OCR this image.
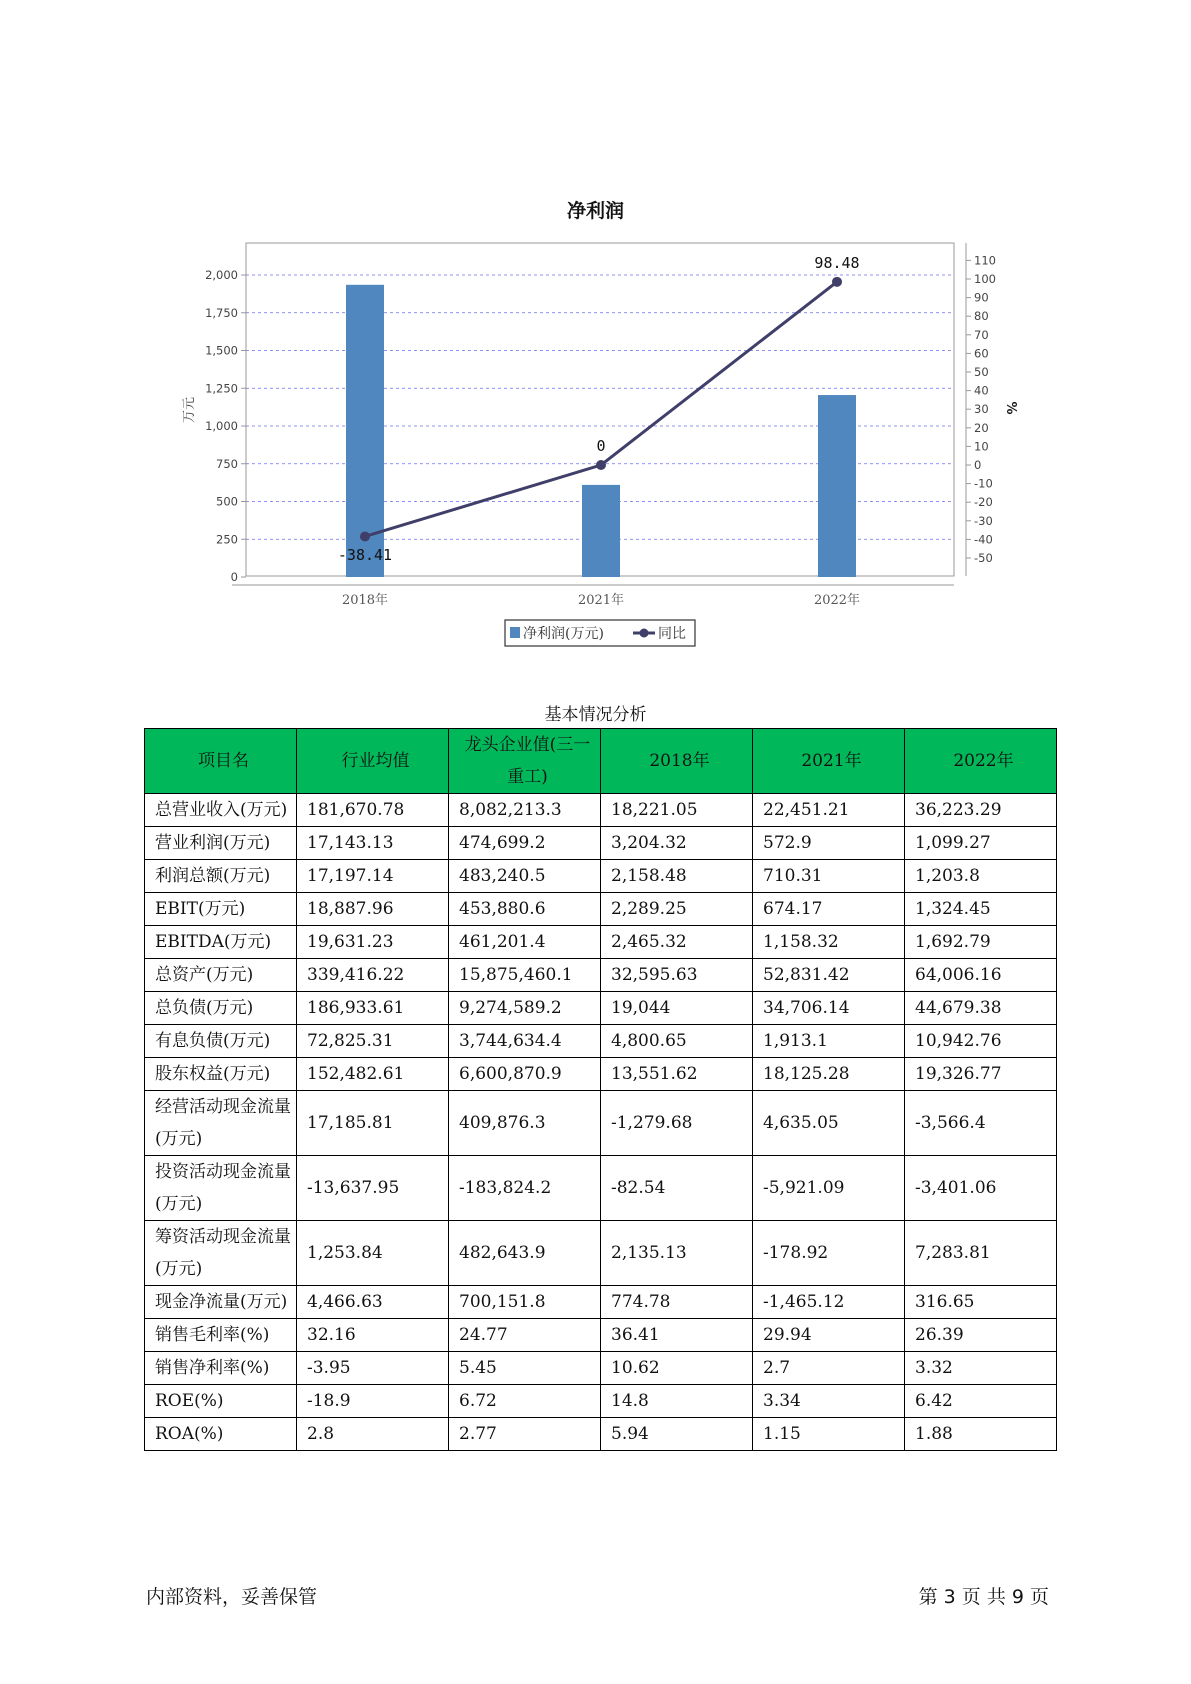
净利润
0
250
500
750
1,000
1,250
1,500
1,750
2,000
-50
-40
-30
-20
-10
0
10
20
30
40
50
60
70
80
90
100
110
万元	%
2018年	2021年	2022年
-38.41
0
98.48
净利润(万元)	同比
基本情况分析
项目名	行业均值	龙头企业值(三一重工)	2018年	2021年	2022年
总营业收入(万元)	181,670.78	8,082,213.3	18,221.05	22,451.21	36,223.29
营业利润(万元)	17,143.13	474,699.2	3,204.32	572.9	1,099.27
利润总额(万元)	17,197.14	483,240.5	2,158.48	710.31	1,203.8
EBIT(万元)	18,887.96	453,880.6	2,289.25	674.17	1,324.45
EBITDA(万元)	19,631.23	461,201.4	2,465.32	1,158.32	1,692.79
总资产(万元)	339,416.22	15,875,460.1	32,595.63	52,831.42	64,006.16
总负债(万元)	186,933.61	9,274,589.2	19,044	34,706.14	44,679.38
有息负债(万元)	72,825.31	3,744,634.4	4,800.65	1,913.1	10,942.76
股东权益(万元)	152,482.61	6,600,870.9	13,551.62	18,125.28	19,326.77
经营活动现金流量(万元)	17,185.81	409,876.3	-1,279.68	4,635.05	-3,566.4
投资活动现金流量(万元)	-13,637.95	-183,824.2	-82.54	-5,921.09	-3,401.06
筹资活动现金流量(万元)	1,253.84	482,643.9	2,135.13	-178.92	7,283.81
现金净流量(万元)	4,466.63	700,151.8	774.78	-1,465.12	316.65
销售毛利率(%)	32.16	24.77	36.41	29.94	26.39
销售净利率(%)	-3.95	5.45	10.62	2.7	3.32
ROE(%)	-18.9	6.72	14.8	3.34	6.42
ROA(%)	2.8	2.77	5.94	1.15	1.88
内部资料，妥善保管	第 3 页 共 9 页
